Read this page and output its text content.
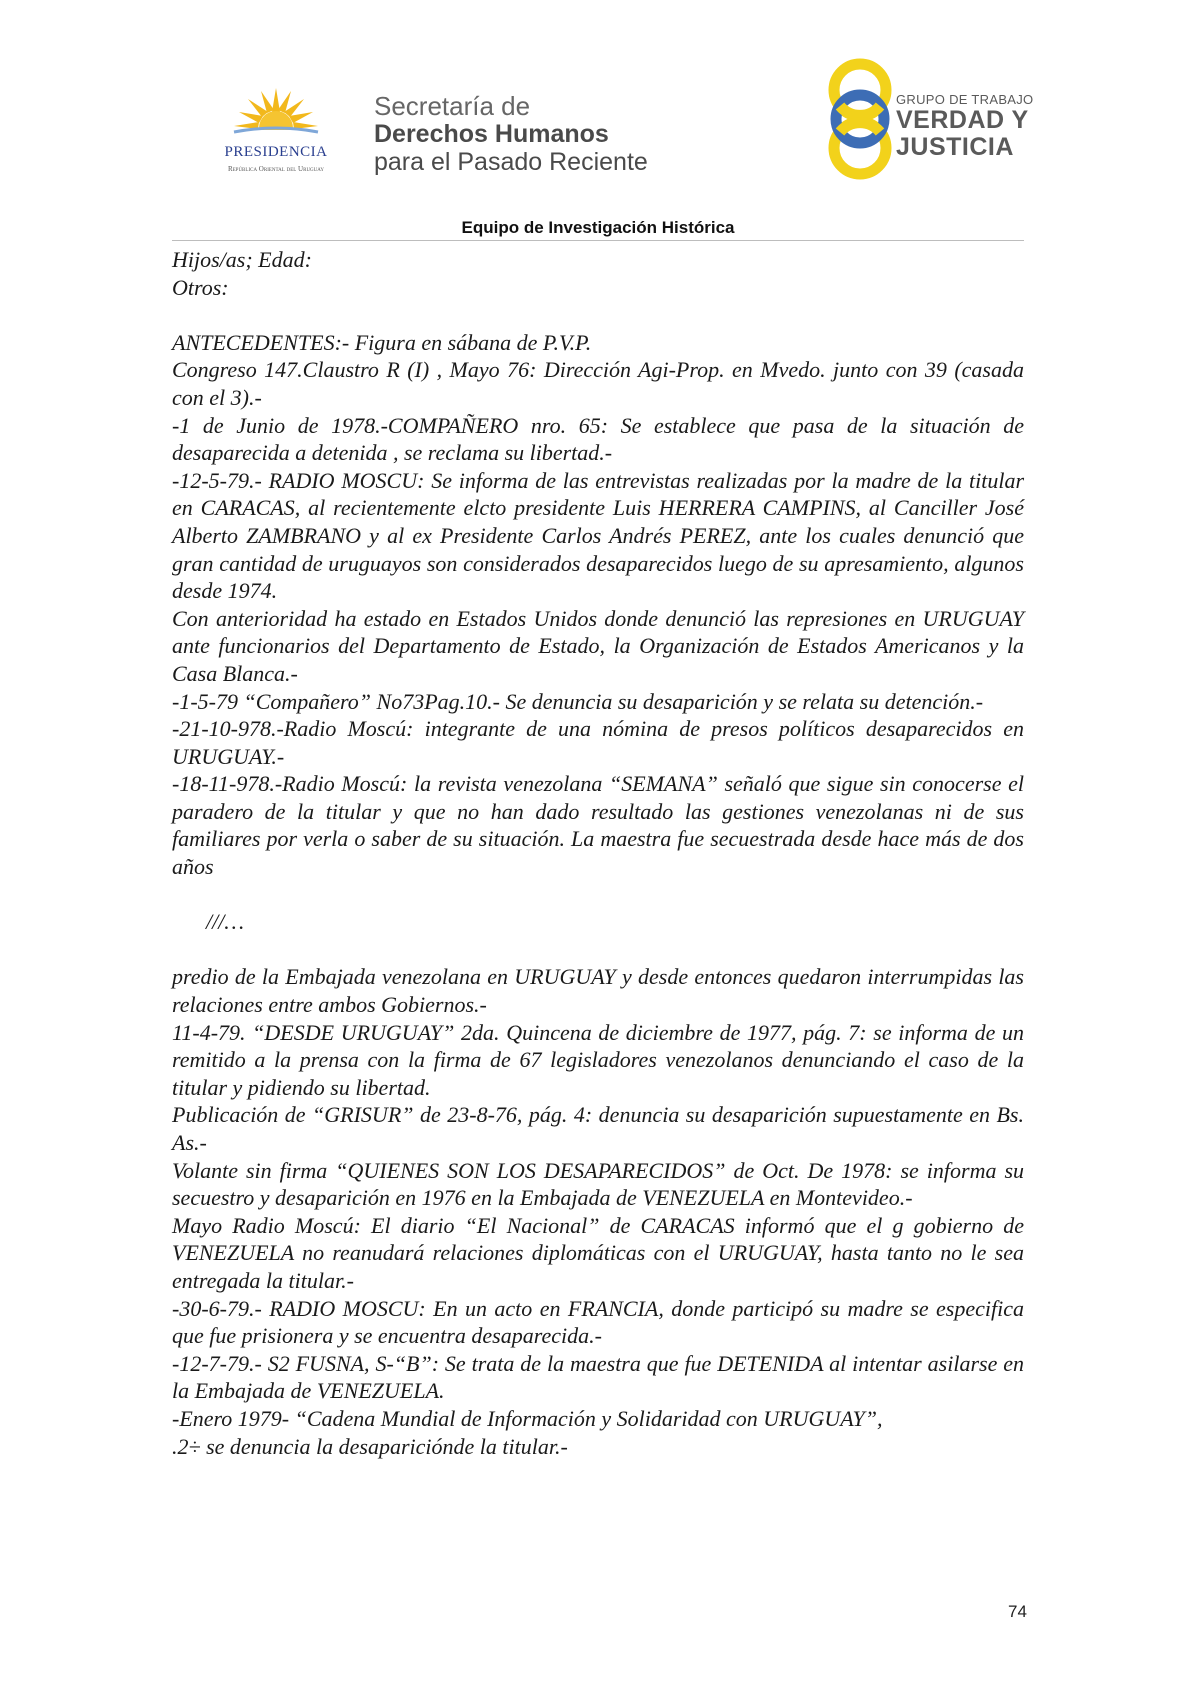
PRESIDENCIA
República Oriental del Uruguay
Secretaría de
Derechos Humanos
para el Pasado Reciente
GRUPO DE TRABAJO
VERDAD Y
JUSTICIA
Equipo de Investigación Histórica

Hijos/as; Edad:

Otros:

ANTECEDENTES:- Figura en sábana de P.V.P.

Congreso 147.Claustro R (I) , Mayo 76: Dirección Agi-Prop. en Mvedo. junto con 39 (casada con el 3).-

-1 de Junio de 1978.-COMPAÑERO nro. 65: Se establece que pasa de la situación de desaparecida a detenida , se reclama su libertad.-

-12-5-79.- RADIO MOSCU: Se informa de las entrevistas realizadas por la madre de la titular en CARACAS, al recientemente elcto presidente Luis HERRERA CAMPINS, al Canciller José Alberto ZAMBRANO y al ex Presidente Carlos Andrés PEREZ, ante los cuales denunció que gran cantidad de uruguayos son considerados desaparecidos luego de su apresamiento, algunos desde 1974.

Con anterioridad ha estado en Estados Unidos donde denunció las represiones en URUGUAY ante funcionarios del Departamento de Estado, la Organización de Estados Americanos y la Casa Blanca.-

-1-5-79 “Compañero” No73Pag.10.- Se denuncia su desaparición y se relata su detención.-

-21-10-978.-Radio Moscú: integrante de una nómina de presos políticos desaparecidos en URUGUAY.-

-18-11-978.-Radio Moscú: la revista venezolana “SEMANA” señaló que sigue sin conocerse el paradero de la titular y que no han dado resultado las gestiones venezolanas ni de sus familiares por verla o saber de su situación. La maestra fue secuestrada desde hace más de dos años

///…

predio de la Embajada venezolana en URUGUAY y desde entonces quedaron interrumpidas las relaciones entre ambos Gobiernos.-

11-4-79. “DESDE URUGUAY” 2da. Quincena de diciembre de 1977, pág. 7: se informa de un remitido a la prensa con la firma de 67 legisladores venezolanos denunciando el caso de la titular y pidiendo su libertad.

Publicación de “GRISUR” de 23-8-76, pág. 4: denuncia su desaparición supuestamente en Bs. As.-

Volante sin firma “QUIENES SON LOS DESAPARECIDOS” de Oct. De 1978: se informa su secuestro y desaparición en 1976 en la Embajada de VENEZUELA en Montevideo.-

Mayo Radio Moscú: El diario “El Nacional” de CARACAS informó que el g gobierno de VENEZUELA no reanudará relaciones diplomáticas con el URUGUAY, hasta tanto no le sea entregada la titular.-

-30-6-79.- RADIO MOSCU: En un acto en FRANCIA, donde participó su madre se especifica que fue prisionera y se encuentra desaparecida.-

-12-7-79.- S2 FUSNA, S-“B”: Se trata de la maestra que fue DETENIDA al intentar asilarse en la Embajada de VENEZUELA.

-Enero 1979- “Cadena Mundial de Información y Solidaridad con URUGUAY”,

.2÷ se denuncia la desapariciónde la titular.-

74
